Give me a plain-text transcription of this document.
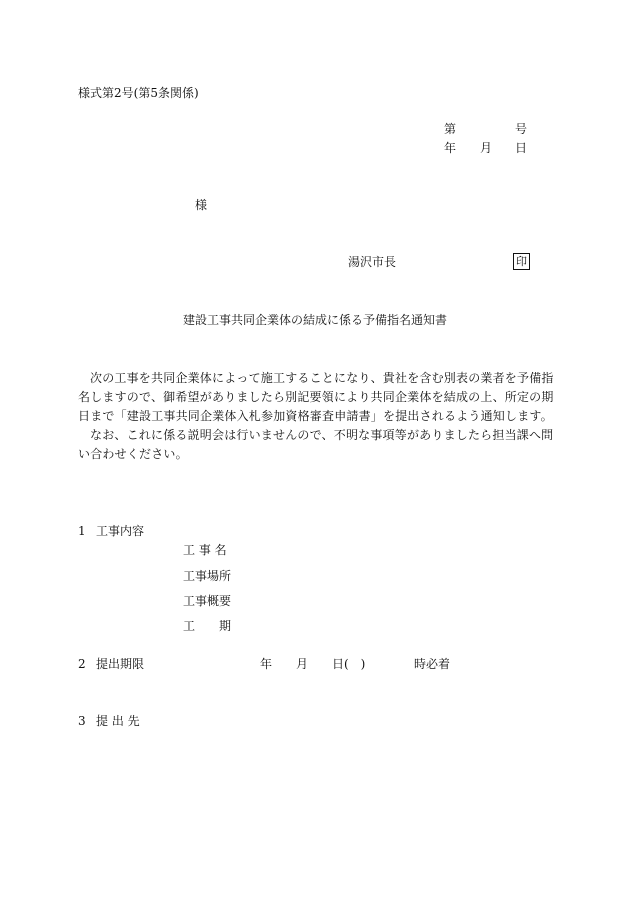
様式第2号(第5条関係)
第	号
年 月 日
様
湯沢市長	印
建設工事共同企業体の結成に係る予備指名通知書

次の工事を共同企業体によって施工することになり、貴社を含む別表の業者を予備指名しますので、御希望がありましたら別記要領により共同企業体を結成の上、所定の期日まで「建設工事共同企業体入札参加資格審査申請書」を提出されるよう通知します。

なお、これに係る説明会は行いませんので、不明な事項等がありましたら担当課へ問い合わせください。

1 工事内容
工 事 名
工事場所
工事概要
工　　期
2 提出期限	年 月 日(　)	時必着
3 提 出 先
